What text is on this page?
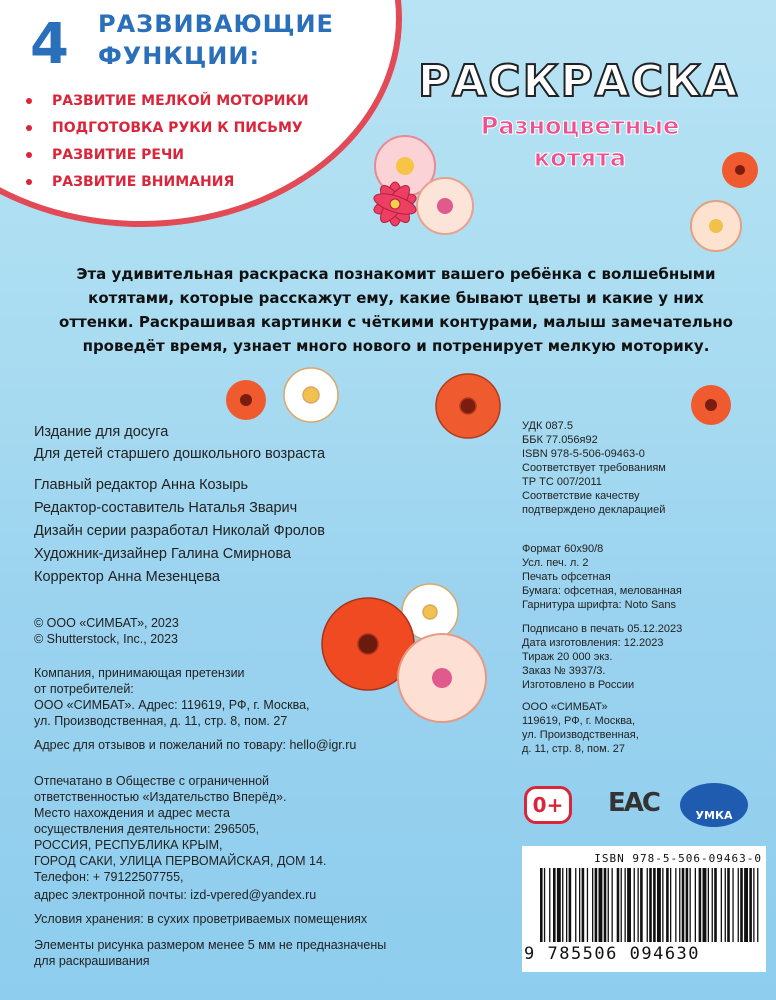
4 РАЗВИВАЮЩИЕ
ФУНКЦИИ:
РАЗВИТИЕ МЕЛКОЙ МОТОРИКИ
ПОДГОТОВКА РУКИ К ПИСЬМУ
РАЗВИТИЕ РЕЧИ
РАЗВИТИЕ ВНИМАНИЯ
РАСКРАСКА
Разноцветные
котята
Эта удивительная раскраска познакомит вашего ребёнка с волшебными котятами, которые расскажут ему, какие бывают цветы и какие у них оттенки. Раскрашивая картинки с чёткими контурами, малыш замечательно проведёт время, узнает много нового и потренирует мелкую моторику.
Издание для досуга
Для детей старшего дошкольного возраста
Главный редактор Анна Козырь
Редактор-составитель Наталья Зварич
Дизайн серии разработал Николай Фролов
Художник-дизайнер Галина Смирнова
Корректор Анна Мезенцева
© ООО «СИМБАТ», 2023
© Shutterstock, Inc., 2023
Компания, принимающая претензии
от потребителей:
ООО «СИМБАТ». Адрес: 119619, РФ, г. Москва,
ул. Производственная, д. 11, стр. 8, пом. 27
Адрес для отзывов и пожеланий по товару: hello@igr.ru
Отпечатано в Обществе с ограниченной
ответственностью «Издательство Вперёд».
Место нахождения и адрес места
осуществления деятельности: 296505,
РОССИЯ, РЕСПУБЛИКА КРЫМ,
ГОРОД САКИ, УЛИЦА ПЕРВОМАЙСКАЯ, ДОМ 14.
Телефон: + 79122507755,
адрес электронной почты: izd-vpered@yandex.ru
Условия хранения: в сухих проветриваемых помещениях
Элементы рисунка размером менее 5 мм не предназначены
для раскрашивания
УДК 087.5
ББК 77.056я92
ISBN 978-5-506-09463-0
Соответствует требованиям
ТР ТС 007/2011
Соответствие качеству
подтверждено декларацией
Формат 60x90/8
Усл. печ. л. 2
Печать офсетная
Бумага: офсетная, мелованная
Гарнитура шрифта: Noto Sans
Подписано в печать 05.12.2023
Дата изготовления: 12.2023
Тираж 20 000 экз.
Заказ № 3937/3.
Изготовлено в России
ООО «СИМБАТ»
119619, РФ, г. Москва,
ул. Производственная,
д. 11, стр. 8, пом. 27
0+	EAC	УМКА
ISBN 978-5-506-09463-0
9 785506 094630
